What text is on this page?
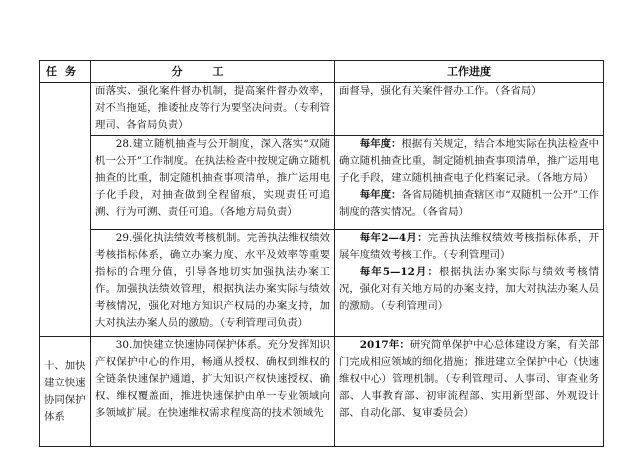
任务	分工	工作进度
	面落实、强化案件督办机制，提高案件督办效率，对不当拖延，推诿扯皮等行为要坚决问责。（专利管理司、各省局负责）	面督导，强化有关案件督办工作。（各省局）

	28.建立随机抽查与公开制度，深入落实“双随机一公开”工作制度。在执法检查中按规定确立随机抽查的比重，制定随机抽查事项清单，推广运用电子化手段，对抽查做到全程留痕，实现责任可追溯、行为可溯、责任可追。（各地方局负责）	每年度：根据有关规定，结合本地实际在执法检查中确立随机抽查比重，制定随机抽查事项清单，推广运用电子化手段，建立随机抽查电子化档案记录。（各地方局）
每年度：各省局随机抽查辖区市“双随机一公开”工作制度的落实情况。（各省局）

	29.强化执法绩效考核机制。完善执法维权绩效考核指标体系，确立办案力度、水平及效率等重要指标的合理分值，引导各地切实加强执法办案工作。加强执法绩效管理，根据执法办案实际与绩效考核情况，强化对地方知识产权局的办案支持，加大对执法办案人员的激励。（专利管理司负责）	每年2—4月：完善执法维权绩效考核指标体系，开展年度绩效考核工作。（专利管理司）
每年5—12月：根据执法办案实际与绩效考核情况，强化对有关地方局的办案支持，加大对执法办案人员的激励。（专利管理司）

十、加快建立快速协同保护体系	30.加快建立快速协同保护体系。充分发挥知识产权保护中心的作用，畅通从授权、确权到维权的全链条快速保护通道，扩大知识产权快速授权、确权、维权覆盖面，推进快速保护由单一专业领域向多领域扩展。在快速维权需求程度高的技术领域先	2017年：研究简单保护中心总体建设方案，有关部门完成相应领域的细化措施；推进建立全保护中心（快速维权中心）管理机制。（专利管理司、人事司、审查业务部、人事教育部、初审流程部、实用新型部、外观设计部、自动化部、复审委员会）
